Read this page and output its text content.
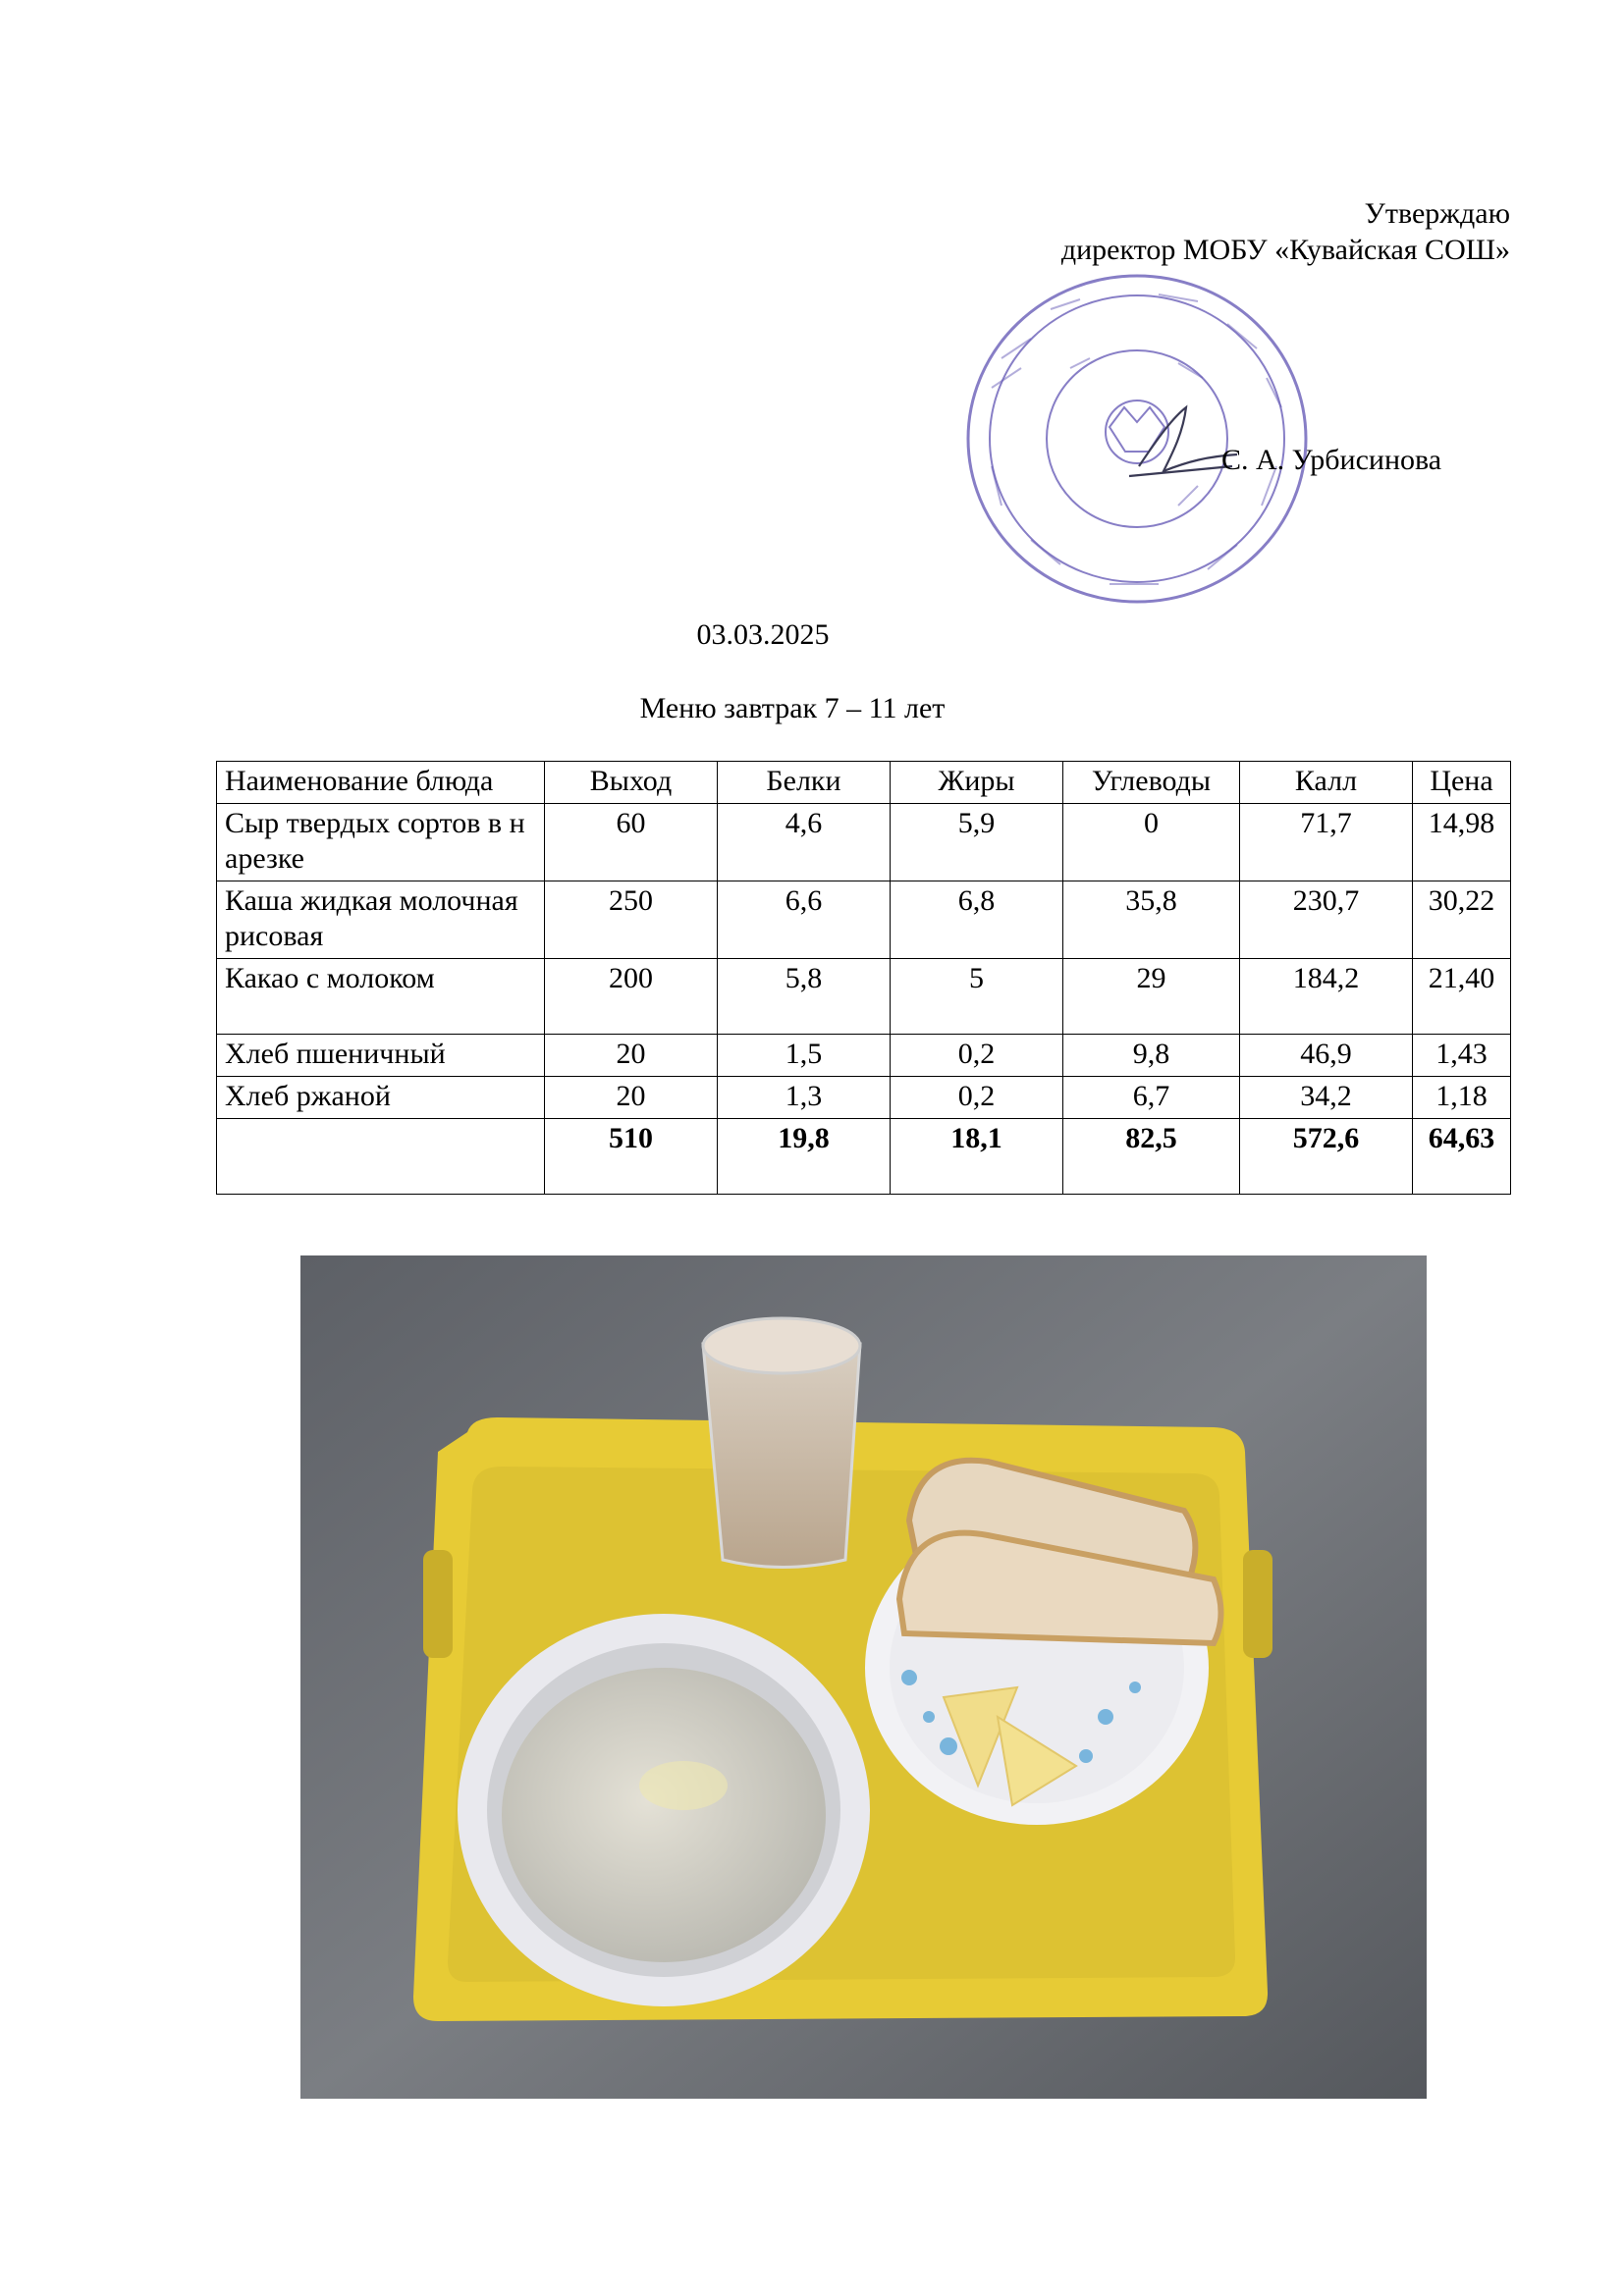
Утверждаю
директор МОБУ «Кувайская СОШ»
С. А. Урбисинова
03.03.2025
Меню завтрак 7 – 11 лет
Наименование блюда	Выход	Белки	Жиры	Углеводы	Калл	Цена
Сыр твердых сортов в нарезке	60	4,6	5,9	0	71,7	14,98
Каша жидкая молочная рисовая	250	6,6	6,8	35,8	230,7	30,22
Какао с молоком	200	5,8	5	29	184,2	21,40
Хлеб пшеничный	20	1,5	0,2	9,8	46,9	1,43
Хлеб ржаной	20	1,3	0,2	6,7	34,2	1,18
	510	19,8	18,1	82,5	572,6	64,63
